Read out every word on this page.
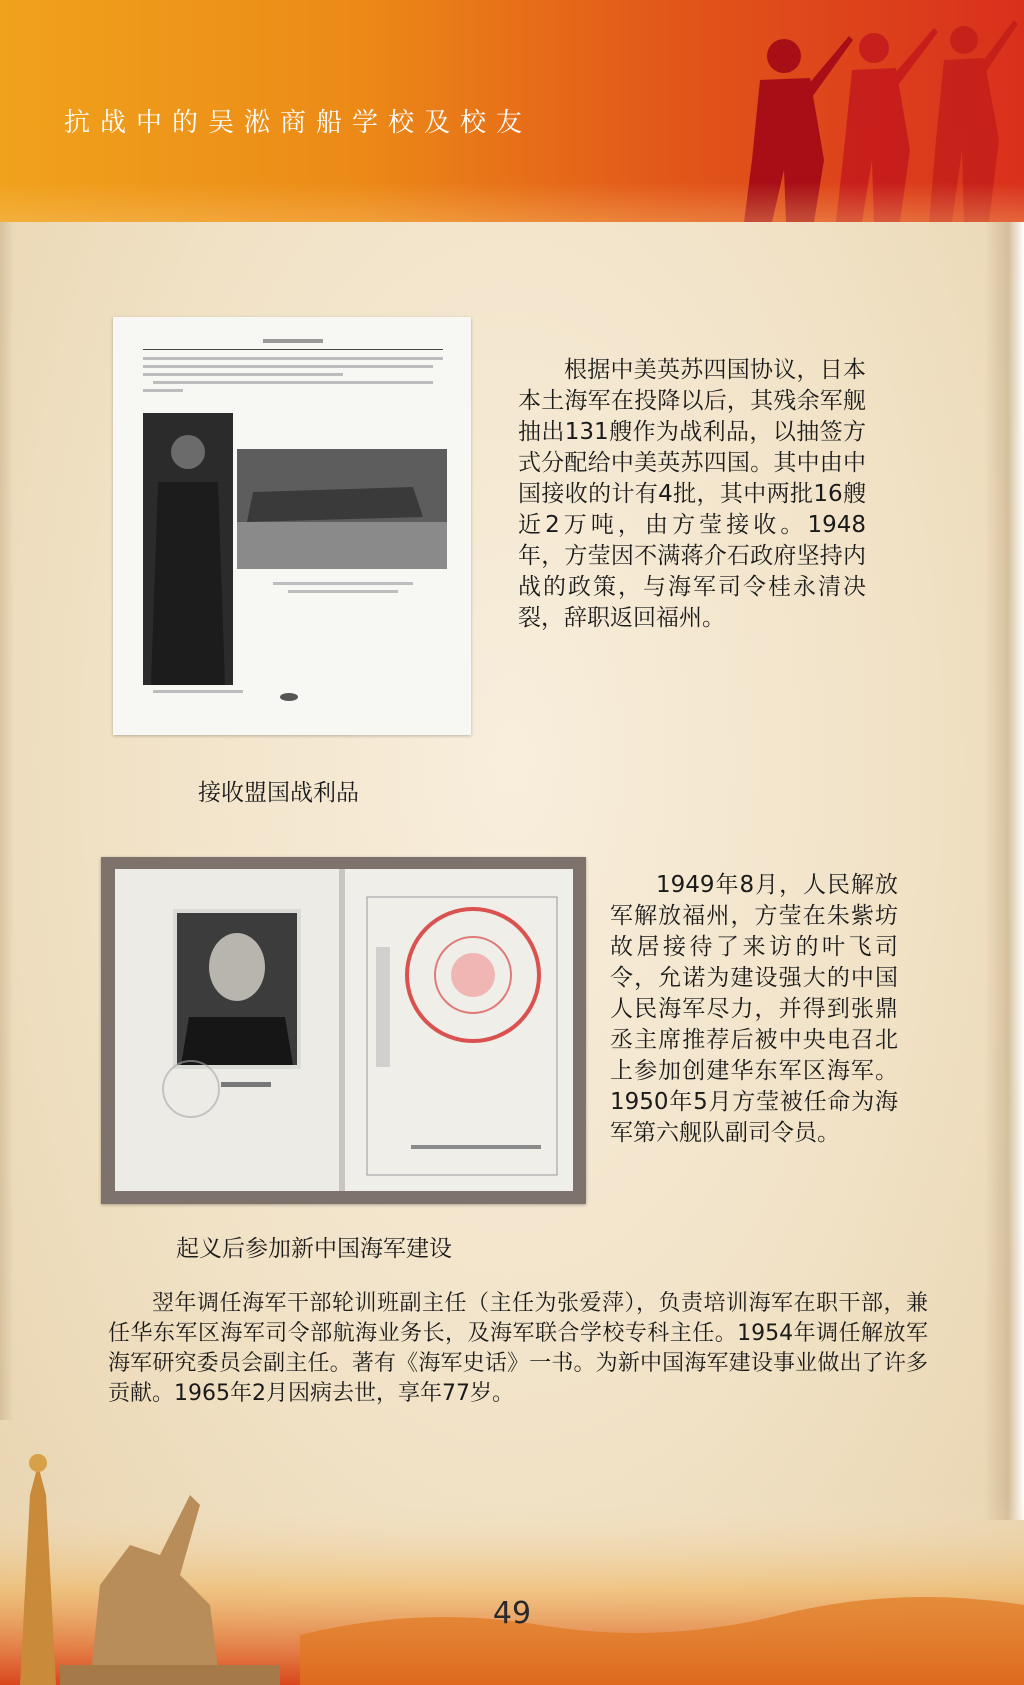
抗战中的吴淞商船学校及校友
接收盟国战利品
根据中美英苏四国协议，日本本土海军在投降以后，其残余军舰抽出131艘作为战利品，以抽签方式分配给中美英苏四国。其中由中国接收的计有4批，其中两批16艘近2万吨，由方莹接收。1948年，方莹因不满蒋介石政府坚持内战的政策，与海军司令桂永清决裂，辞职返回福州。
1949年8月，人民解放军解放福州，方莹在朱紫坊故居接待了来访的叶飞司令，允诺为建设强大的中国人民海军尽力，并得到张鼎丞主席推荐后被中央电召北上参加创建华东军区海军。1950年5月方莹被任命为海军第六舰队副司令员。
起义后参加新中国海军建设
翌年调任海军干部轮训班副主任（主任为张爱萍），负责培训海军在职干部，兼任华东军区海军司令部航海业务长，及海军联合学校专科主任。1954年调任解放军海军研究委员会副主任。著有《海军史话》一书。为新中国海军建设事业做出了许多贡献。1965年2月因病去世，享年77岁。
49
